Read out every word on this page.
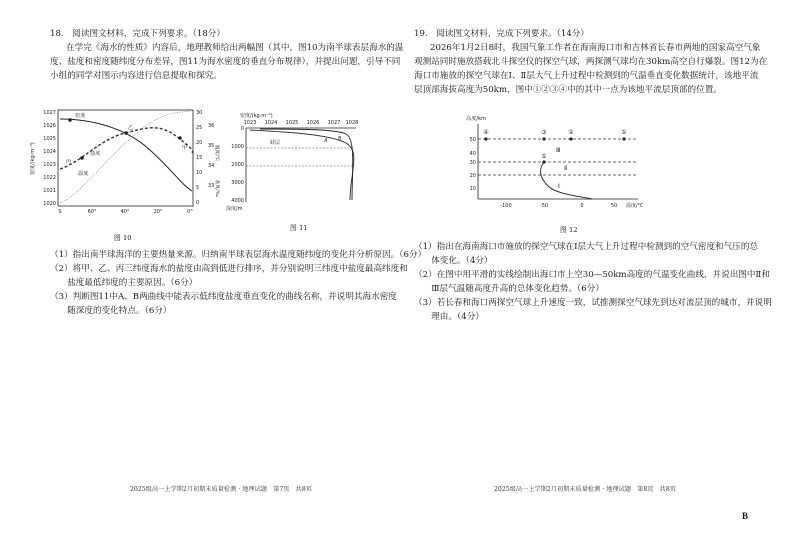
18.　阅读图文材料，完成下列要求。（18分）
在学完《海水的性质》内容后，地理教师给出两幅图（其中，图10为南半球表层海水的温
度、盐度和密度随纬度分布差异，图11为海水密度的垂直分布规律），并提出问题，引导不同
小组的同学对图示内容进行信息提取和探究。
1027
1026
1025
1024
1023
1022
1021
1020
密度/(kg·m⁻³)
30
25
20
15
10
5
0
36
35
34
33
温度/℃
盐度/‰
S	60°	40°	20°	0°
密度
盐度
温度
甲
乙
丙
图 10
密度/(kg·m⁻³)
1023 1024 1025 1026 1027 1028
0
1000
2000
3000
4000
深度/m
A B
跃层
图 11
（1）指出南半球海洋的主要热量来源。归纳南半球表层海水温度随纬度的变化并分析原因。（6分）
（2）将甲、乙、丙三纬度海水的盐度由高到低进行排序，并分别说明三纬度中盐度最高纬度和
　　盐度最低纬度的主要原因。（6分）
（3）判断图11中A、B两曲线中能表示低纬度盐度垂直变化的曲线名称，并说明其海水密度
　　随深度的变化特点。（6分）
2025级高一上学期2月初期末质量检测 · 地理试题　第7页　共8页
19.　阅读图文材料，完成下列要求。（14分）
2026年1月2日8时，我国气象工作者在海南海口市和吉林省长春市两地的国家高空气象
观测站同时施放搭载北斗探空仪的探空气球，两探测气球均在30km高空自行爆裂。图12为在
海口市施放的探空气球在Ⅰ、Ⅱ层大气上升过程中检测到的气温垂直变化数据统计，该地平流
层顶部海拔高度为50km，图中①②③④中的其中一点为该地平流层顶部的位置。
高度/km
50
40
30
20
10
①
②
③
④
⑤
Ⅲ
Ⅱ
Ⅰ
-100	-50	0	50 温度/℃
图 12
（1）指出在海南海口市施放的探空气球在Ⅰ层大气上升过程中检测到的空气密度和气压的总
　　体变化。（4分）
（2）在图中用平滑的实线绘制出海口市上空30—50km高度的气温变化曲线，并说出图中Ⅱ和
　　Ⅲ层气温随高度升高的总体变化趋势。（6分）
（3）若长春和海口两探空气球上升速度一致，试推测探空气球先到达对流层顶的城市，并说明
　　理由。（4分）
2025级高一上学期2月初期末质量检测 · 地理试题　第8页　共8页
B
